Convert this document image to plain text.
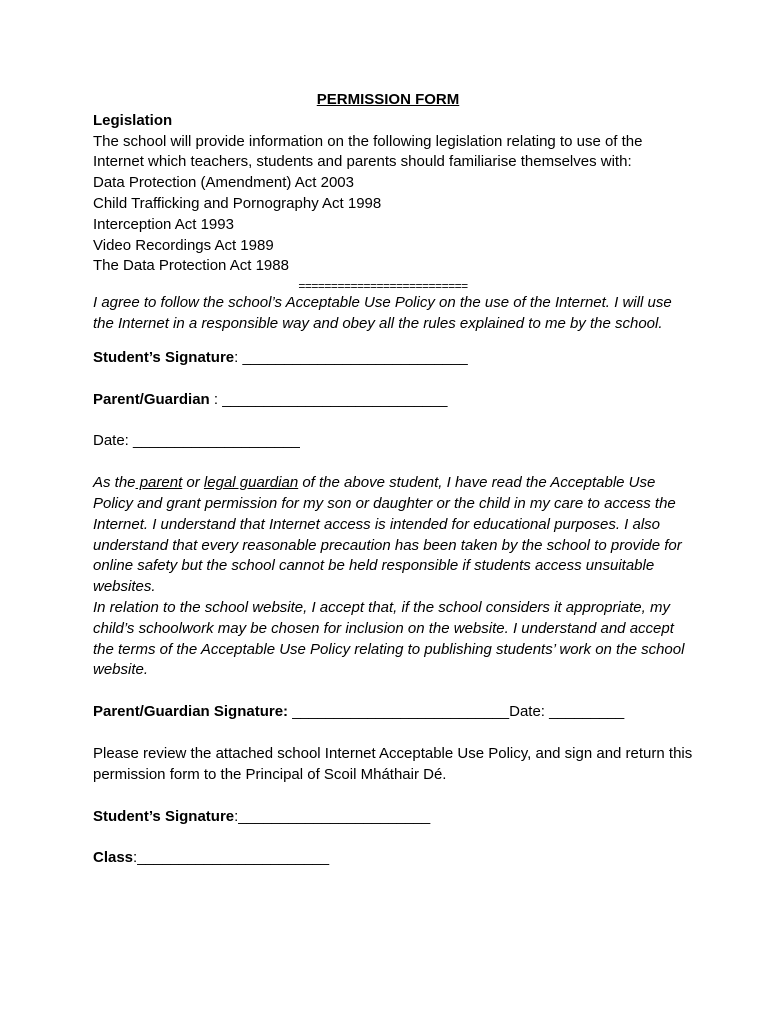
PERMISSION FORM
Legislation

The school will provide information on the following legislation relating to use of the Internet which teachers, students and parents should familiarise themselves with:

Data Protection (Amendment) Act 2003
Child Trafficking and Pornography Act 1998
Interception Act 1993
Video Recordings Act 1989
The Data Protection Act 1988
==========================

I agree to follow the school’s Acceptable Use Policy on the use of the Internet. I will use the Internet in a responsible way and obey all the rules explained to me by the school.

Student’s Signature: ___________________________
Parent/Guardian : ___________________________
Date: ____________________

As the parent or legal guardian of the above student, I have read the Acceptable Use Policy and grant permission for my son or daughter or the child in my care to access the Internet. I understand that Internet access is intended for educational purposes. I also understand that every reasonable precaution has been taken by the school to provide for online safety but the school cannot be held responsible if students access unsuitable websites.

In relation to the school website, I accept that, if the school considers it appropriate, my child’s schoolwork may be chosen for inclusion on the website. I understand and accept the terms of the Acceptable Use Policy relating to publishing students’ work on the school website.

Parent/Guardian Signature: __________________________Date: _________

Please review the attached school Internet Acceptable Use Policy, and sign and return this permission form to the Principal of Scoil Mháthair Dé.

Student’s Signature:_______________________
Class:_______________________
